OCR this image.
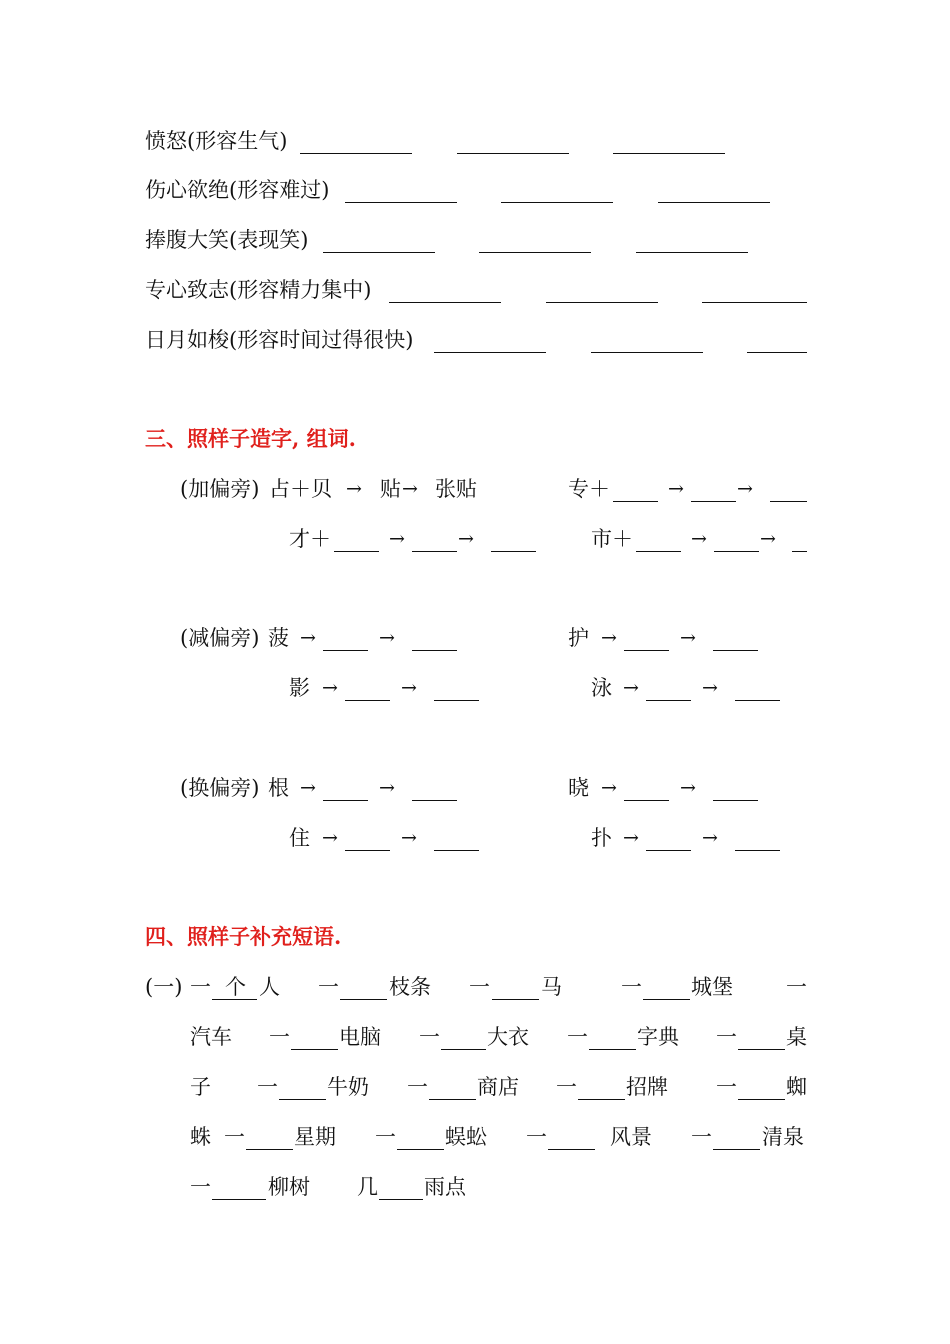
愤怒(形容生气)
伤心欲绝(形容难过)
捧腹大笑(表现笑)
专心致志(形容精力集中)
日月如梭(形容时间过得很快)
三、照样子造字, 组词.
(加偏旁) 占＋贝 → 贴 → 张贴	专＋	→	→
才＋	→	→	市＋	→	→
(减偏旁) 菠 →	→	护 →	→
影 →	→	泳 →	→
(换偏旁) 根 →	→	晓 →	→
住 →	→	扑 →	→
四、照样子补充短语.
(一) 一 个 人 一 枝条 一 马	一 城堡	一
汽车 一 电脑 一 大衣 一 字典 一 桌
子 一 牛奶 一 商店 一 招牌 一 蜘
蛛 一 星期 一 蜈蚣 一	风景 一 清泉
一	柳树 几 雨点
